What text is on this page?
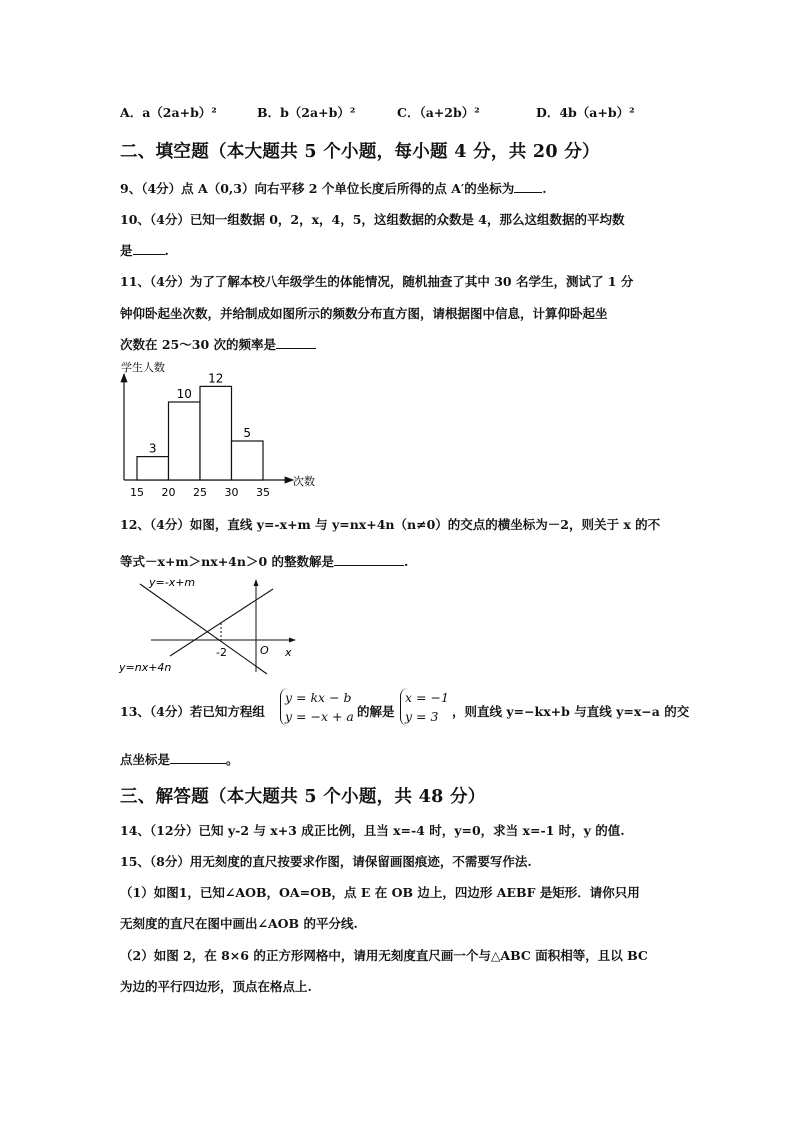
A．a（2a+b）²	B．b（2a+b）²	C．（a+2b）²	D．4b（a+b）²
二、填空题（本大题共 5 个小题，每小题 4 分，共 20 分）
9、（4分）点 A（0,3）向右平移 2 个单位长度后所得的点 A′的坐标为 .
10、（4分）已知一组数据 0，2，x，4，5，这组数据的众数是 4，那么这组数据的平均数
是	.
11、（4分）为了了解本校八年级学生的体能情况，随机抽查了其中 30 名学生，测试了 1 分
钟仰卧起坐次数，并给制成如图所示的频数分布直方图，请根据图中信息，计算仰卧起坐
次数在 25～30 次的频率是
学生人数
次数
3
10
12
5
15 20 25 30 35
12、（4分）如图，直线 y=-x+m 与 y=nx+4n（n≠0）的交点的横坐标为－2，则关于 x 的不
等式－x+m＞nx+4n＞0 的整数解是	.
y=-x+m
y=nx+4n
-2	O x
13、（4分）若已知方程组
y = kx − b
y = −x + a 的解是
x = −1
y = 3	，则直线 y=−kx+b 与直线 y=x−a 的交
点坐标是	。
三、解答题（本大题共 5 个小题，共 48 分）
14、（12分）已知 y-2 与 x+3 成正比例，且当 x=-4 时，y=0，求当 x=-1 时，y 的值.
15、（8分）用无刻度的直尺按要求作图，请保留画图痕迹，不需要写作法.
（1）如图1，已知∠AOB，OA=OB，点 E 在 OB 边上，四边形 AEBF 是矩形．请你只用
无刻度的直尺在图中画出∠AOB 的平分线.
（2）如图 2，在 8×6 的正方形网格中，请用无刻度直尺画一个与△ABC 面积相等，且以 BC
为边的平行四边形，顶点在格点上.
